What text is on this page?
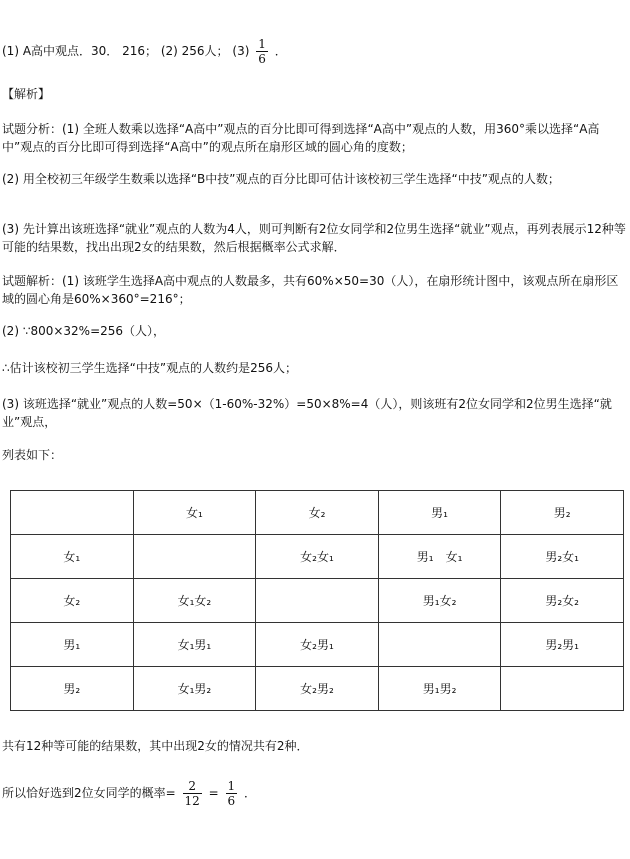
(1) A高中观点．30． 216； (2) 256人； $(3) \frac{1}{6}$ ．
【解析】
试题分析：(1) 全班人数乘以选择“A高中”观点的百分比即可得到选择“A高中”观点的人数，用360°乘以选择“A高中”观点的百分比即可得到选择“A高中”的观点所在扇形区域的圆心角的度数；
(2) 用全校初三年级学生数乘以选择“B中技”观点的百分比即可估计该校初三学生选择“中技”观点的人数；
(3) 先计算出该班选择“就业”观点的人数为4人，则可判断有2位女同学和2位男生选择“就业”观点，再列表展示12种等可能的结果数，找出出现2女的结果数，然后根据概率公式求解．
试题解析：(1) 该班学生选择A高中观点的人数最多，共有60%×50=30（人），在扇形统计图中，该观点所在扇形区域的圆心角是60%×360°=216°；
(2) ∵800×32%=256（人），
∴估计该校初三学生选择“中技”观点的人数约是256人；
(3) 该班选择“就业”观点的人数=50×（1-60%-32%）=50×8%=4（人），则该班有2位女同学和2位男生选择“就业”观点，
列表如下：
	女₁	女₂	男₁	男₂
女₁		女₂女₁	男₁　女₁	男₂女₁
女₂	女₁女₂		男₁女₂	男₂女₂
男₁	女₁男₁	女₂男₁		男₂男₁
男₂	女₁男₂	女₂男₂	男₁男₂	
共有12种等可能的结果数，其中出现2女的情况共有2种．
所以恰好选到2位女同学的概率= $\frac{2}{12} = \frac{1}{6}$ ．
